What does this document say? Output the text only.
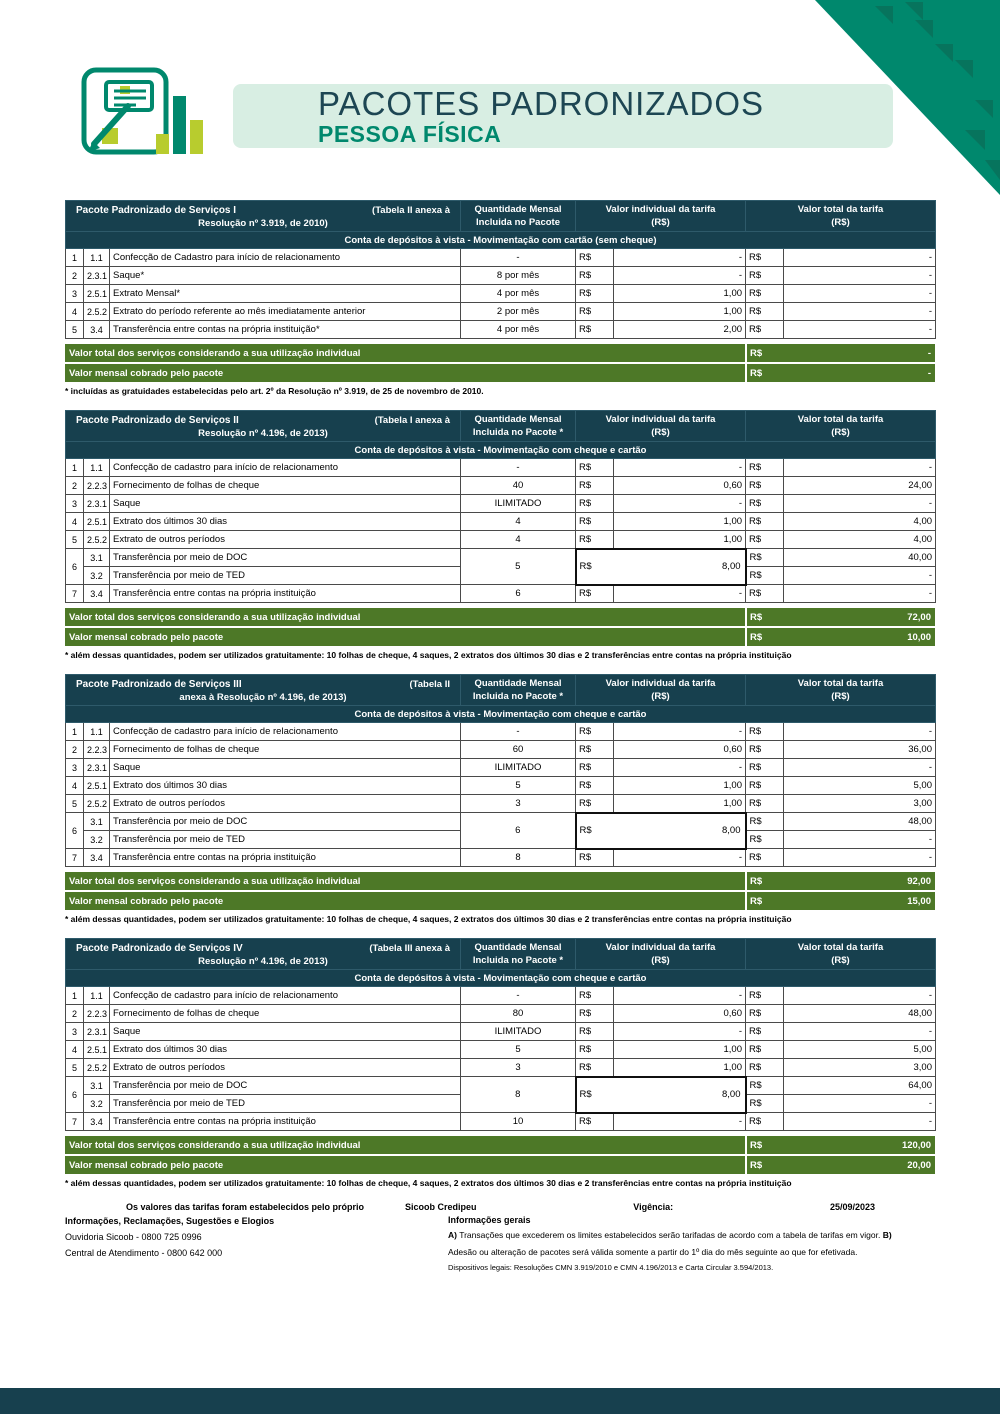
PACOTES PADRONIZADOS
PESSOA FÍSICA
Pacote Padronizado de Serviços I	(Tabela II anexa à
Resolução nº 3.919, de 2010)

Quantidade Mensal
Incluida no Pacote

Valor individual da tarifa
(R$)

Valor total da tarifa
(R$)

Conta de depósitos à vista - Movimentação com cartão (sem cheque)							
1	1.1	Confecção de Cadastro para início de relacionamento	-	R$	-	R$	-
2	2.3.1	Saque*	8 por mês	R$	-	R$	-
3	2.5.1	Extrato Mensal*	4 por mês	R$	1,00	R$	-
4	2.5.2	Extrato do período referente ao mês imediatamente anterior	2 por mês	R$	1,00	R$	-
5	3.4	Transferência entre contas na própria instituição*	4 por mês	R$	2,00	R$	-
Valor total dos serviços considerando a sua utilização individual	R$	-
Valor mensal cobrado pelo pacote	R$	-
* incluídas as gratuidades estabelecidas pelo art. 2º da Resolução nº 3.919, de 25 de novembro de 2010.
Pacote Padronizado de Serviços II	(Tabela I anexa à
Resolução nº 4.196, de 2013)

Quantidade Mensal
Incluida no Pacote *

Valor individual da tarifa
(R$)

Valor total da tarifa
(R$)

Conta de depósitos à vista - Movimentação com cheque e cartão							
1	1.1	Confecção de cadastro para início de relacionamento	-	R$	-	R$	-
2	2.2.3	Fornecimento de folhas de cheque	40	R$	0,60	R$	24,00
3	2.3.1	Saque	ILIMITADO	R$	-	R$	-
4	2.5.1	Extrato dos últimos 30 dias	4	R$	1,00	R$	4,00
5	2.5.2	Extrato de outros períodos	4	R$	1,00	R$	4,00
6	3.1	Transferência por meio de DOC	5	R$ 8,00		R$	40,00
	3.2	Transferência por meio de TED				R$	-
7	3.4	Transferência entre contas na própria instituição	6	R$	-	R$	-
Valor total dos serviços considerando a sua utilização individual	R$	72,00
Valor mensal cobrado pelo pacote	R$	10,00
* além dessas quantidades, podem ser utilizados gratuitamente: 10 folhas de cheque, 4 saques, 2 extratos dos últimos 30 dias e 2 transferências entre contas na própria instituição
Pacote Padronizado de Serviços III	(Tabela II
anexa à Resolução nº 4.196, de 2013)

Quantidade Mensal
Incluida no Pacote *

Valor individual da tarifa
(R$)

Valor total da tarifa
(R$)

Conta de depósitos à vista - Movimentação com cheque e cartão							
1	1.1	Confecção de cadastro para início de relacionamento	-	R$	-	R$	-
2	2.2.3	Fornecimento de folhas de cheque	60	R$	0,60	R$	36,00
3	2.3.1	Saque	ILIMITADO	R$	-	R$	-
4	2.5.1	Extrato dos últimos 30 dias	5	R$	1,00	R$	5,00
5	2.5.2	Extrato de outros períodos	3	R$	1,00	R$	3,00
6	3.1	Transferência por meio de DOC	6	R$ 8,00		R$	48,00
	3.2	Transferência por meio de TED				R$	-
7	3.4	Transferência entre contas na própria instituição	8	R$	-	R$	-
Valor total dos serviços considerando a sua utilização individual	R$	92,00
Valor mensal cobrado pelo pacote	R$	15,00
* além dessas quantidades, podem ser utilizados gratuitamente: 10 folhas de cheque, 4 saques, 2 extratos dos últimos 30 dias e 2 transferências entre contas na própria instituição
Pacote Padronizado de Serviços IV	(Tabela III anexa à
Resolução nº 4.196, de 2013)

Quantidade Mensal
Incluida no Pacote *

Valor individual da tarifa
(R$)

Valor total da tarifa
(R$)

Conta de depósitos à vista - Movimentação com cheque e cartão							
1	1.1	Confecção de cadastro para início de relacionamento	-	R$	-	R$	-
2	2.2.3	Fornecimento de folhas de cheque	80	R$	0,60	R$	48,00
3	2.3.1	Saque	ILIMITADO	R$	-	R$	-
4	2.5.1	Extrato dos últimos 30 dias	5	R$	1,00	R$	5,00
5	2.5.2	Extrato de outros períodos	3	R$	1,00	R$	3,00
6	3.1	Transferência por meio de DOC	8	R$ 8,00		R$	64,00
	3.2	Transferência por meio de TED				R$	-
7	3.4	Transferência entre contas na própria instituição	10	R$	-	R$	-
Valor total dos serviços considerando a sua utilização individual	R$	120,00
Valor mensal cobrado pelo pacote	R$	20,00
* além dessas quantidades, podem ser utilizados gratuitamente: 10 folhas de cheque, 4 saques, 2 extratos dos últimos 30 dias e 2 transferências entre contas na própria instituição
Os valores das tarifas foram estabelecidos pelo próprio
Informações, Reclamações, Sugestões e Elogios
Ouvidoria Sicoob - 0800 725 0996
Central de Atendimento - 0800 642 000
Sicoob Credipeu	Vigência:	25/09/2023
Informações gerais

A) Transações que excederem os limites estabelecidos serão tarifadas de acordo com a tabela de tarifas em vigor. B) Adesão ou alteração de pacotes será válida somente a partir do 1º dia do mês seguinte ao que for efetivada.

Dispositivos legais: Resoluções CMN 3.919/2010 e CMN 4.196/2013 e Carta Circular 3.594/2013.
